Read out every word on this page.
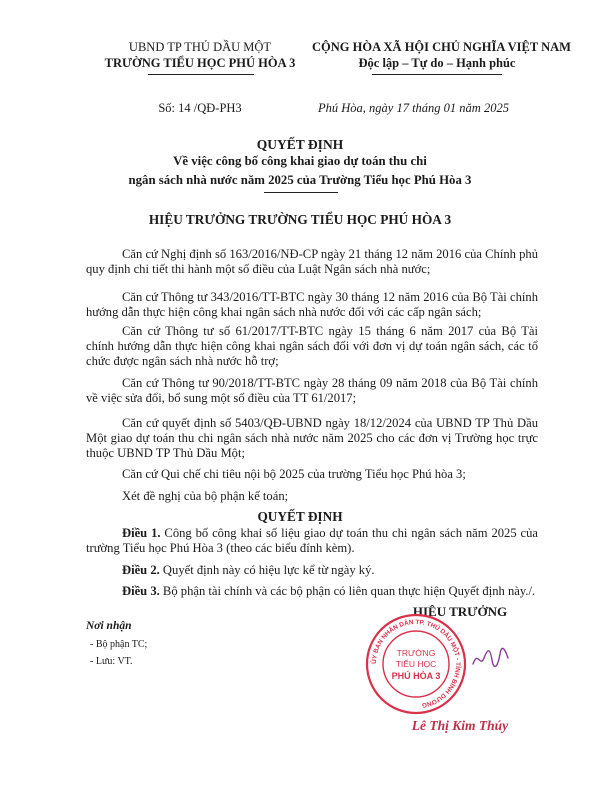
UBND TP THỦ DẦU MỘT
TRƯỜNG TIỂU HỌC PHÚ HÒA 3
CỘNG HÒA XÃ HỘI CHỦ NGHĨA VIỆT NAM
Độc lập – Tự do – Hạnh phúc
Số: 14 /QĐ-PH3	Phú Hòa, ngày 17 tháng 01 năm 2025
QUYẾT ĐỊNH
Về việc công bố công khai giao dự toán thu chi
ngân sách nhà nước năm 2025 của Trường Tiểu học Phú Hòa 3
HIỆU TRƯỞNG TRƯỜNG TIỂU HỌC PHÚ HÒA 3
Căn cứ Nghị định số 163/2016/NĐ-CP ngày 21 tháng 12 năm 2016 của Chính phủ quy định chi tiết thi hành một số điều của Luật Ngân sách nhà nước;
Căn cứ Thông tư 343/2016/TT-BTC ngày 30 tháng 12 năm 2016 của Bộ Tài chính hướng dẫn thực hiện công khai ngân sách nhà nước đối với các cấp ngân sách;
Căn cứ Thông tư số 61/2017/TT-BTC ngày 15 tháng 6 năm 2017 của Bộ Tài chính hướng dẫn thực hiện công khai ngân sách đối với đơn vị dự toán ngân sách, các tổ chức được ngân sách nhà nước hỗ trợ;
Căn cứ Thông tư 90/2018/TT-BTC ngày 28 tháng 09 năm 2018 của Bộ Tài chính về việc sửa đổi, bổ sung một số điều của TT 61/2017;
Căn cứ quyết định số 5403/QĐ-UBND ngày 18/12/2024 của UBND TP Thủ Dầu Một giao dự toán thu chi ngân sách nhà nước năm 2025 cho các đơn vị Trường học trực thuộc UBND TP Thủ Dầu Một;
Căn cứ Qui chế chi tiêu nội bộ 2025 của trường Tiểu học Phú hòa 3;
Xét đề nghị của bộ phận kế toán;
QUYẾT ĐỊNH
Điều 1. Công bố công khai số liệu giao dự toán thu chi ngân sách năm 2025 của trường Tiểu học Phú Hòa 3 (theo các biểu đính kèm).
Điều 2. Quyết định này có hiệu lực kể từ ngày ký.
Điều 3. Bộ phận tài chính và các bộ phận có liên quan thực hiện Quyết định này./.
HIỆU TRƯỞNG
Nơi nhận
- Bộ phận TC;
- Lưu: VT.	ỦY BAN NHÂN DÂN TP. THỦ DẦU MỘT - TỈNH BÌNH DƯƠNG
TRƯỜNG
TIỂU HỌC
PHÚ HÒA 3
Lê Thị Kim Thúy
